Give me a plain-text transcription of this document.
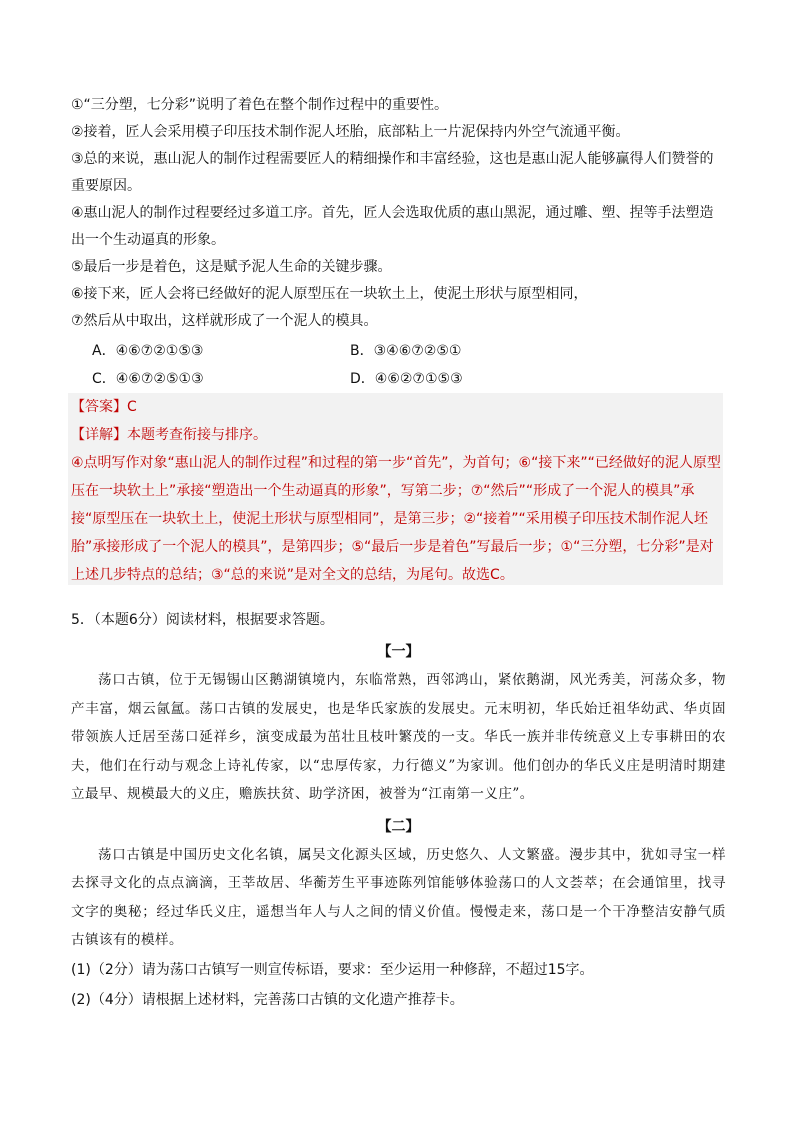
①“三分塑，七分彩”说明了着色在整个制作过程中的重要性。

②接着，匠人会采用模子印压技术制作泥人坯胎，底部粘上一片泥保持内外空气流通平衡。

③总的来说，惠山泥人的制作过程需要匠人的精细操作和丰富经验，这也是惠山泥人能够赢得人们赞誉的重要原因。

④惠山泥人的制作过程要经过多道工序。首先，匠人会选取优质的惠山黑泥，通过雕、塑、捏等手法塑造出一个生动逼真的形象。

⑤最后一步是着色，这是赋予泥人生命的关键步骤。

⑥接下来，匠人会将已经做好的泥人原型压在一块软土上，使泥土形状与原型相同，

⑦然后从中取出，这样就形成了一个泥人的模具。

A．④⑥⑦②①⑤③	B．③④⑥⑦②⑤①
C．④⑥⑦②⑤①③	D．④⑥②⑦①⑤③

【答案】C

【详解】本题考查衔接与排序。

④点明写作对象“惠山泥人的制作过程”和过程的第一步“首先”，为首句；⑥“接下来”“已经做好的泥人原型压在一块软土上”承接“塑造出一个生动逼真的形象”，写第二步；⑦“然后”“形成了一个泥人的模具”承接“原型压在一块软土上，使泥土形状与原型相同”，是第三步；②“接着”“采用模子印压技术制作泥人坯胎”承接形成了一个泥人的模具”，是第四步；⑤“最后一步是着色”写最后一步；①“三分塑，七分彩”是对上述几步特点的总结；③“总的来说”是对全文的总结，为尾句。故选C。

5．（本题6分）阅读材料，根据要求答题。

【一】

荡口古镇，位于无锡锡山区鹅湖镇境内，东临常熟，西邻鸿山，紧依鹅湖，风光秀美，河荡众多，物产丰富，烟云氤氲。荡口古镇的发展史，也是华氏家族的发展史。元末明初，华氏始迁祖华幼武、华贞固带领族人迁居至荡口延祥乡，演变成最为茁壮且枝叶繁茂的一支。华氏一族并非传统意义上专事耕田的农夫，他们在行动与观念上诗礼传家，以“忠厚传家，力行德义”为家训。他们创办的华氏义庄是明清时期建立最早、规模最大的义庄，赡族扶贫、助学济困，被誉为“江南第一义庄”。

【二】

荡口古镇是中国历史文化名镇，属吴文化源头区域，历史悠久、人文繁盛。漫步其中，犹如寻宝一样去探寻文化的点点滴滴，王莘故居、华蘅芳生平事迹陈列馆能够体验荡口的人文荟萃；在会通馆里，找寻文字的奥秘；经过华氏义庄，遥想当年人与人之间的情义价值。慢慢走来，荡口是一个干净整洁安静气质古镇该有的模样。

(1)（2分）请为荡口古镇写一则宣传标语，要求：至少运用一种修辞，不超过15字。

(2)（4分）请根据上述材料，完善荡口古镇的文化遗产推荐卡。
